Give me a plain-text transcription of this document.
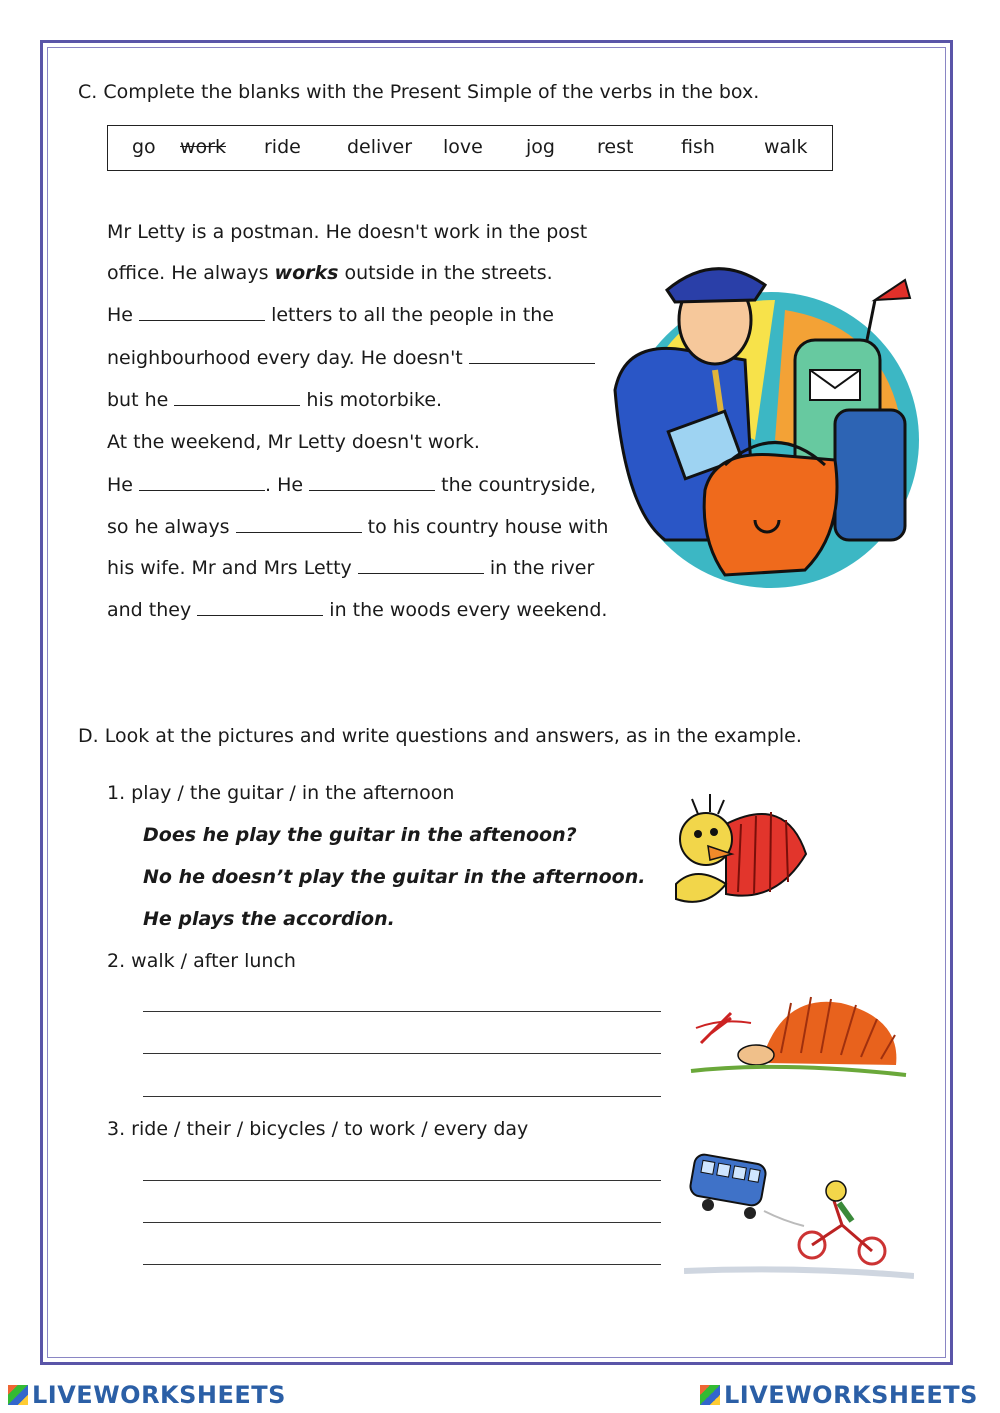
C. Complete the blanks with the Present Simple of the verbs in the box.
go work ride deliver love jog rest	fish	walk
Mr Letty is a postman. He doesn't work in the post
office. He always works outside in the streets.
He	letters to all the people in the
neighbourhood every day. He doesn't
but he	his motorbike.
At the weekend, Mr Letty doesn't work.
He	. He	the countryside,
so he always	to his country house with
his wife. Mr and Mrs Letty	in the river
and they	in the woods every weekend.
D. Look at the pictures and write questions and answers, as in the example.
1. play / the guitar / in the afternoon
Does he play the guitar in the aftenoon?
No he doesn’t play the guitar in the afternoon.
He plays the accordion.
2. walk / after lunch
3. ride / their / bicycles / to work / every day
LIVEWORKSHEETS	LIVEWORKSHEETS
